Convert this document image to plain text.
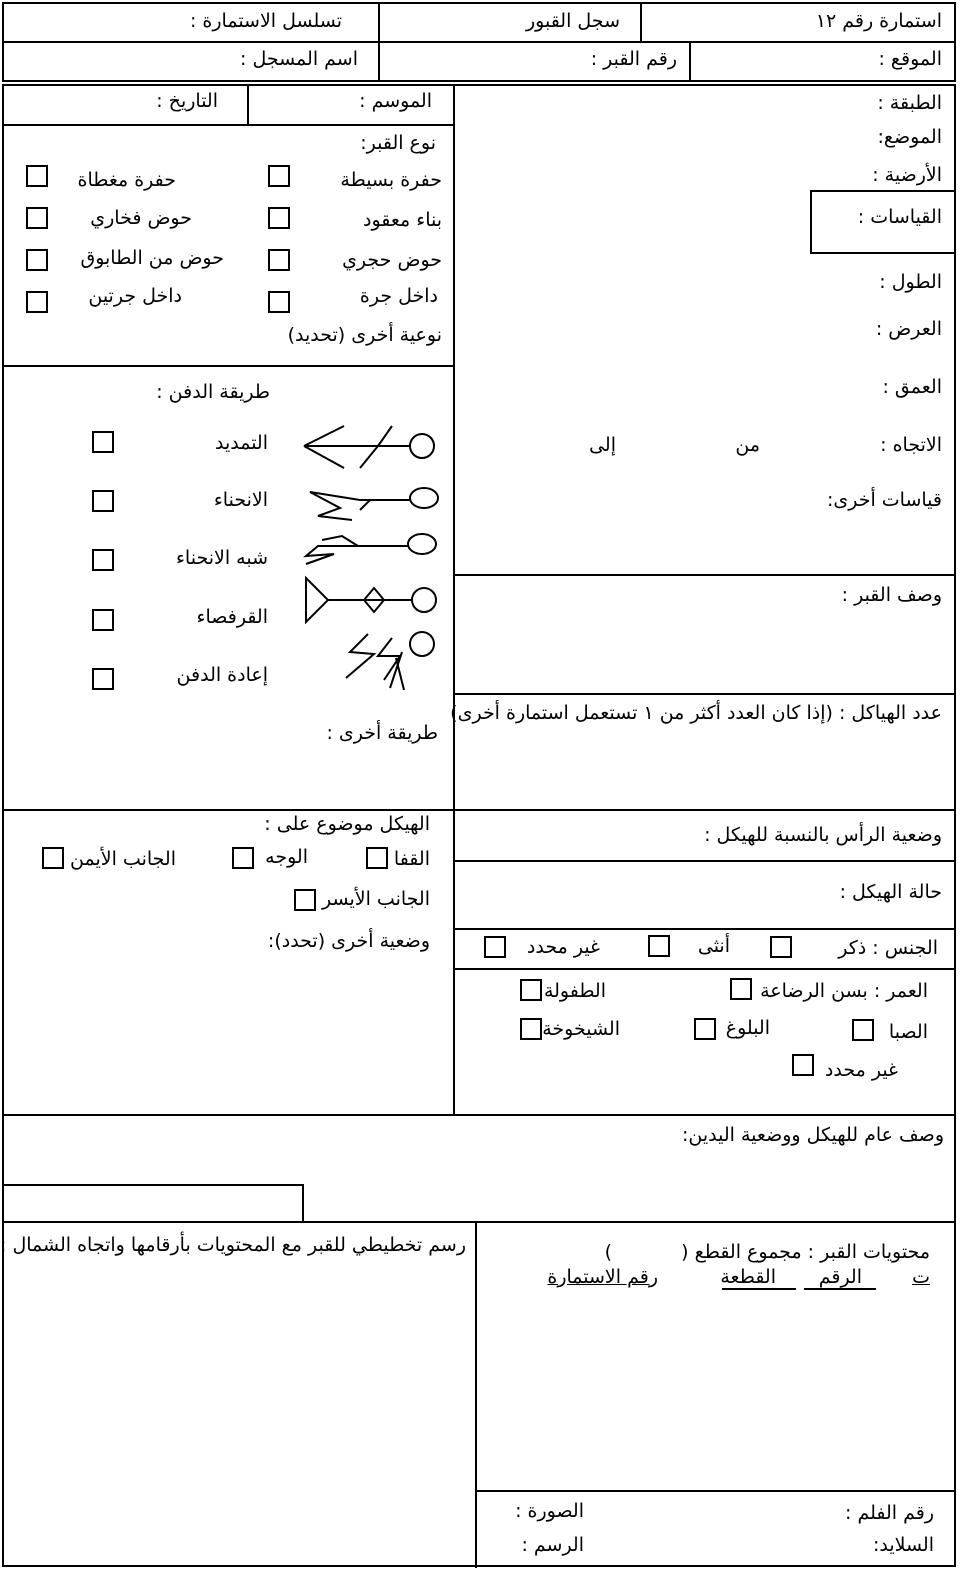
استمارة رقم ١٢
سجل القبور
تسلسل الاستمارة :
الموقع :
رقم القبر :
اسم المسجل :
الموسم :
التاريخ :
نوع القبر:
حفرة بسيطة
حفرة مغطاة
بناء معقود
حوض فخاري
حوض حجري
حوض من الطابوق
داخل جرة
داخل جرتين
نوعية أخرى (تحديد)
طريقة الدفن :
التمديد
الانحناء
شبه الانحناء
القرفصاء
إعادة الدفن
طريقة أخرى :
الهيكل موضوع على :
القفا
الوجه
الجانب الأيمن
الجانب الأيسر
وضعية أخرى (تحدد):
الطبقة :
الموضع:
الأرضية :
القياسات :
الطول :
العرض :
العمق :
الاتجاه :
من
إلى
قياسات أخرى:
وصف القبر :
عدد الهياكل : (إذا كان العدد أكثر من ١ تستعمل استمارة أخرى)
وضعية الرأس بالنسبة للهيكل :
حالة الهيكل :
الجنس : ذكر
أنثى
غير محدد
العمر : بسن الرضاعة
الطفولة
الصبا
البلوغ
الشيخوخة
غير محدد
وصف عام للهيكل ووضعية اليدين:
رسم تخطيطي للقبر مع المحتويات بأرقامها واتجاه الشمال :	محتويات القبر : مجموع القطع (
)
ت
الرقم
القطعة
رقم الاستمارة
رقم الفلم :
السلايد:
الصورة :
الرسم :
